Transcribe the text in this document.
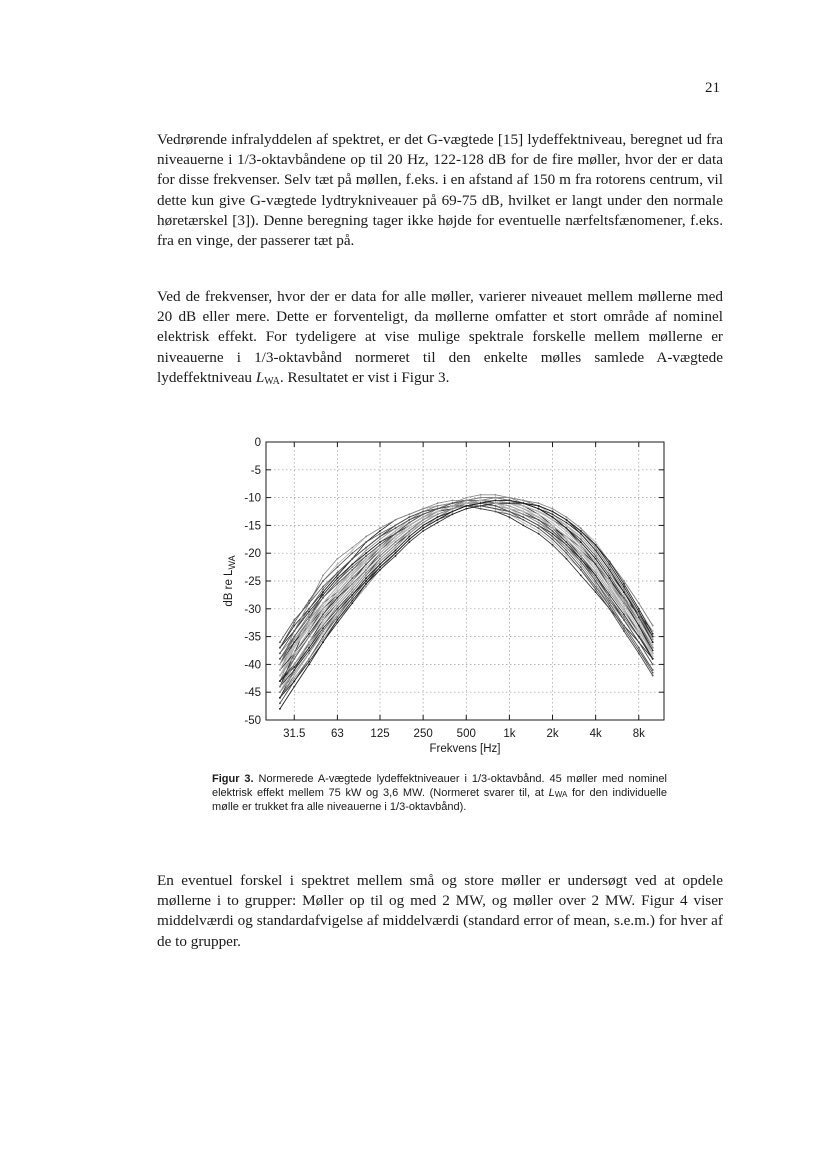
21

Vedrørende infralyddelen af spektret, er det G-vægtede [15] lydeffektniveau, beregnet ud fra niveauerne i 1/3-oktavbåndene op til 20 Hz, 122-128 dB for de fire møller, hvor der er data for disse frekvenser. Selv tæt på møllen, f.eks. i en afstand af 150 m fra rotorens centrum, vil dette kun give G-vægtede lydtrykniveauer på 69-75 dB, hvilket er langt under den normale høretærskel [3]). Denne beregning tager ikke højde for eventuelle nærfeltsfænomener, f.eks. fra en vinge, der passerer tæt på.

Ved de frekvenser, hvor der er data for alle møller, varierer niveauet mellem møllerne med 20 dB eller mere. Dette er forventeligt, da møllerne omfatter et stort område af nominel elektrisk effekt. For tydeligere at vise mulige spektrale forskelle mellem møllerne er niveauerne i 1/3-oktavbånd normeret til den enkelte mølles samlede A-vægtede lydeffektniveau $L_{WA}$. Resultatet er vist i Figur 3.

31.5 63 125 250 500 1k	2k	4k	8k
0
-5
-10
-15
-20
-25
-30
-35
-40
-45
-50
Frekvens [Hz]
dB re $L_{WA}$

Figur 3. Normerede A-vægtede lydeffektniveauer i 1/3-oktavbånd. 45 møller med nominel elektrisk effekt mellem 75 kW og 3,6 MW. (Normeret svarer til, at LWA for den individuelle mølle er trukket fra alle niveauerne i 1/3-oktavbånd).

En eventuel forskel i spektret mellem små og store møller er undersøgt ved at opdele møllerne i to grupper: Møller op til og med 2 MW, og møller over 2 MW. Figur 4 viser middelværdi og standardafvigelse af middelværdi (standard error of mean, s.e.m.) for hver af de to grupper.
